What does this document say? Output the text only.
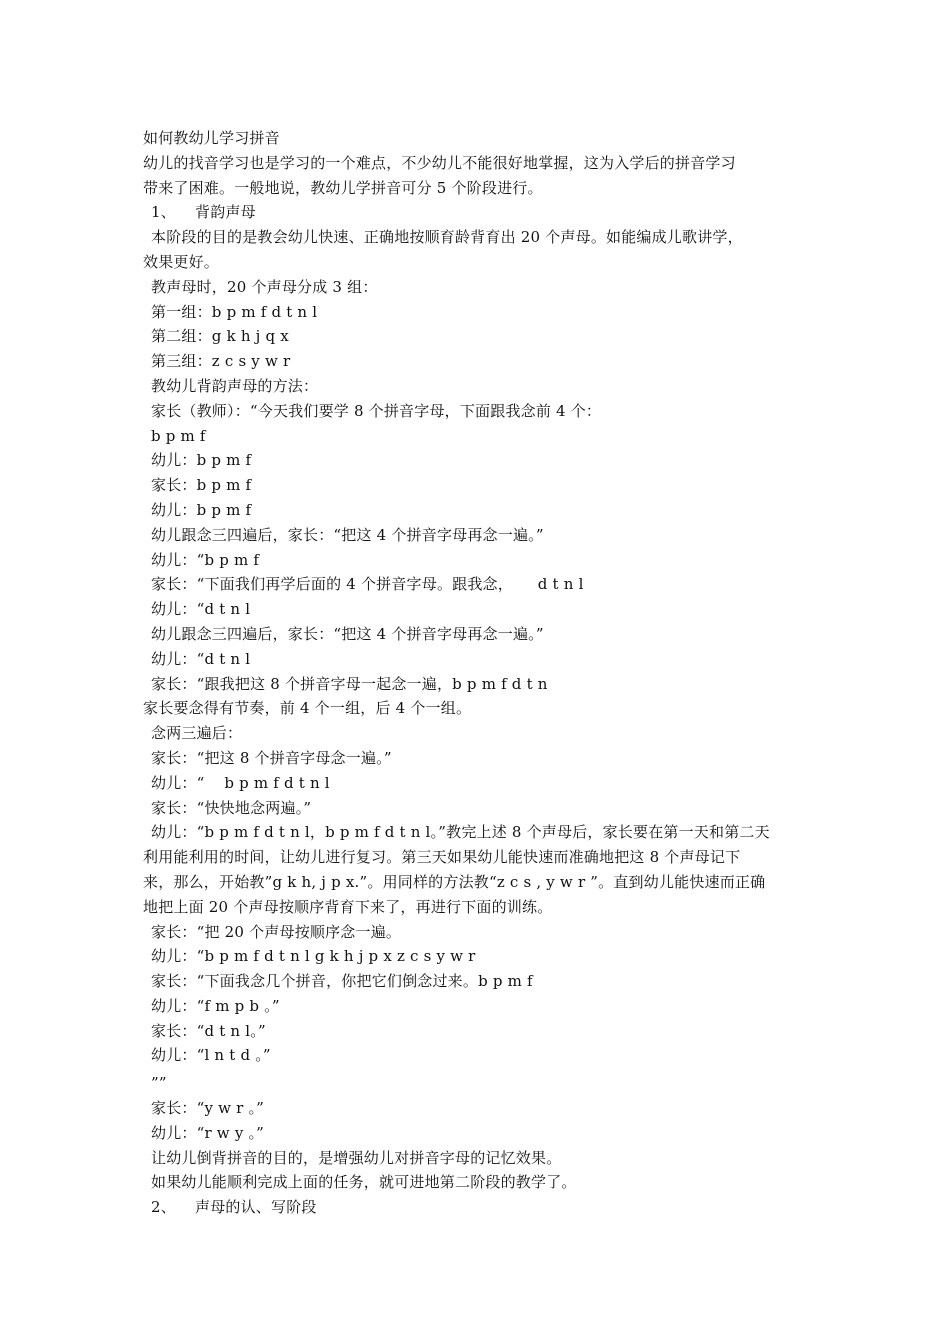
如何教幼儿学习拼音
幼儿的找音学习也是学习的一个难点，不少幼儿不能很好地掌握，这为入学后的拼音学习
带来了困难。一般地说，教幼儿学拼音可分 5 个阶段进行。
1、	背韵声母
本阶段的目的是教会幼儿快速、正确地按顺育龄背育出 20 个声母。如能编成儿歌讲学，
效果更好。
教声母时，20 个声母分成 3 组：
第一组：b p m f d t n l
第二组：g k h j q x
第三组：z c s y w r
教幼儿背韵声母的方法：
家长（教师）：“今天我们要学 8 个拼音字母，下面跟我念前 4 个：
b p m f
幼儿：b p m f
家长：b p m f
幼儿：b p m f
幼儿跟念三四遍后，家长：“把这 4 个拼音字母再念一遍。”
幼儿：“b p m f
家长：“下面我们再学后面的 4 个拼音字母。跟我念，     d t n l
幼儿：“d t n l
幼儿跟念三四遍后，家长：“把这 4 个拼音字母再念一遍。”
幼儿：“d t n l
家长：“跟我把这 8 个拼音字母一起念一遍，b p m f d t n
家长要念得有节奏，前 4 个一组，后 4 个一组。
念两三遍后：
家长：“把这 8 个拼音字母念一遍。”
幼儿：“    b p m f d t n l
家长：“快快地念两遍。”
幼儿：“b p m f d t n l，b p m f d t n l。”教完上述 8 个声母后，家长要在第一天和第二天
利用能利用的时间，让幼儿进行复习。第三天如果幼儿能快速而准确地把这 8 个声母记下
来，那么，开始教”g k h, j p x.”。用同样的方法教“z c s , y w r ”。直到幼儿能快速而正确
地把上面 20 个声母按顺序背育下来了，再进行下面的训练。
家长：“把 20 个声母按顺序念一遍。
幼儿：“b p m f d t n l g k h j p x z c s y w r
家长：“下面我念几个拼音，你把它们倒念过来。b p m f
幼儿：“f m p b 。”
家长：“d t n l。”
幼儿：“l n t d 。”
””
家长：“y w r 。”
幼儿：“r w y 。”
让幼儿倒背拼音的目的，是增强幼儿对拼音字母的记忆效果。
如果幼儿能顺利完成上面的任务，就可进地第二阶段的教学了。
2、	声母的认、写阶段
